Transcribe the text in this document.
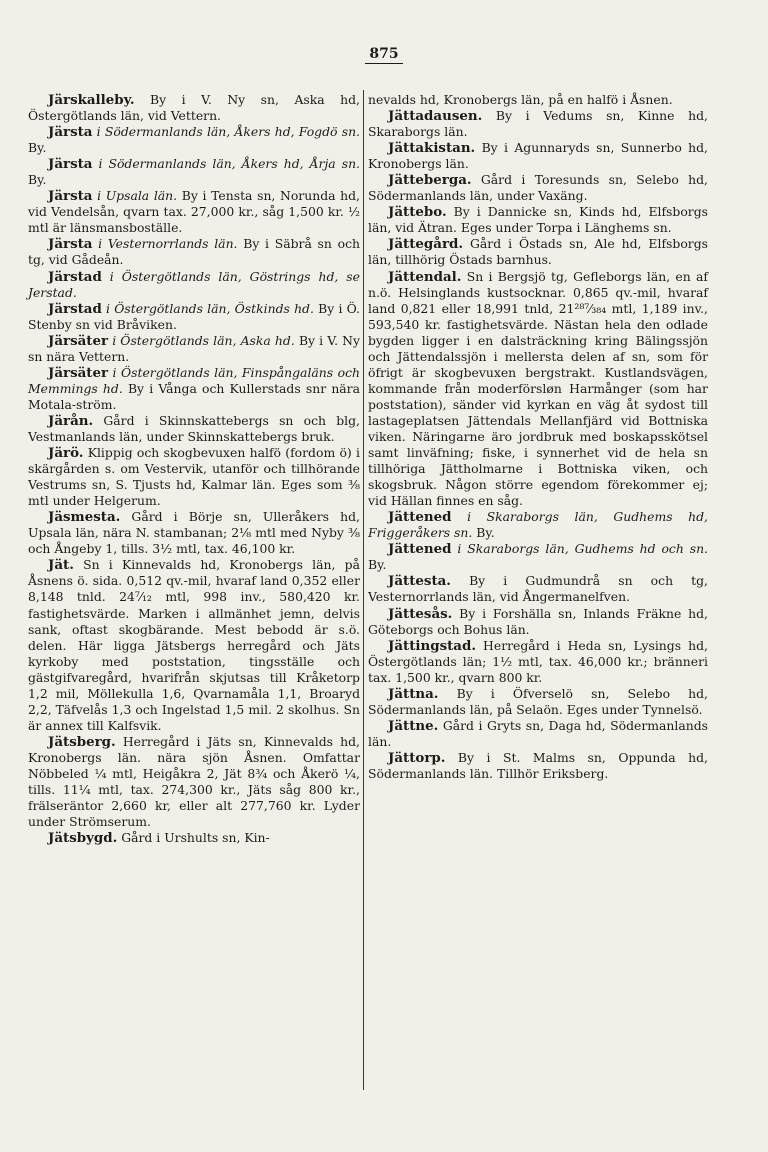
875

Järskalleby. By i V. Ny sn, Aska hd, Östergötlands län, vid Vettern.

Järsta i Södermanlands län, Åkers hd, Fogdö sn. By.

Järsta i Södermanlands län, Åkers hd, Årja sn. By.

Järsta i Upsala län. By i Tensta sn, Norunda hd, vid Vendelsån, qvarn tax. 27,000 kr., såg 1,500 kr. ½ mtl är länsmansboställe.

Järsta i Vesternorrlands län. By i Säbrå sn och tg, vid Gådeån.

Järstad i Östergötlands län, Göstrings hd, se Jerstad.

Järstad i Östergötlands län, Östkinds hd. By i Ö. Stenby sn vid Bråviken.

Järsäter i Östergötlands län, Aska hd. By i V. Ny sn nära Vettern.

Järsäter i Östergötlands län, Finspångaläns och Memmings hd. By i Vånga och Kullerstads snr nära Motala-ström.

Järån. Gård i Skinnskattebergs sn och blg, Vestmanlands län, under Skinnskattebergs bruk.

Järö. Klippig och skogbevuxen halfö (fordom ö) i skärgården s. om Vestervik, utanför och tillhörande Vestrums sn, S. Tjusts hd, Kalmar län. Eges som ⅜ mtl under Helgerum.

Jäsmesta. Gård i Börje sn, Ulleråkers hd, Upsala län, nära N. stambanan; 2⅛ mtl med Nyby ⅜ och Ångeby 1, tills. 3½ mtl, tax. 46,100 kr.

Jät. Sn i Kinnevalds hd, Kronobergs län, på Åsnens ö. sida. 0,512 qv.-mil, hvaraf land 0,352 eller 8,148 tnld. 24⁷⁄₁₂ mtl, 998 inv., 580,420 kr. fastighetsvärde. Marken i allmänhet jemn, delvis sank, oftast skogbärande. Mest bebodd är s.ö. delen. Här ligga Jätsbergs herregård och Jäts kyrkoby med poststation, tingsställe och gästgifvaregård, hvarifrån skjutsas till Kråketorp 1,2 mil, Möllekulla 1,6, Qvarnamåla 1,1, Broaryd 2,2, Täfvelås 1,3 och Ingelstad 1,5 mil. 2 skolhus. Sn är annex till Kalfsvik.

Jätsberg. Herregård i Jäts sn, Kinnevalds hd, Kronobergs län. nära sjön Åsnen. Omfattar Nöbbeled ¼ mtl, Heigåkra 2, Jät 8¾ och Åkerö ¼, tills. 11¼ mtl, tax. 274,300 kr., Jäts såg 800 kr., frälseräntor 2,660 kr, eller alt 277,760 kr. Lyder under Strömserum.

Jätsbygd. Gård i Urshults sn, Kin-

nevalds hd, Kronobergs län, på en halfö i Åsnen.

Jättadausen. By i Vedums sn, Kinne hd, Skaraborgs län.

Jättakistan. By i Agunnaryds sn, Sunnerbo hd, Kronobergs län.

Jätteberga. Gård i Toresunds sn, Selebo hd, Södermanlands län, under Vaxäng.

Jättebo. By i Dannicke sn, Kinds hd, Elfsborgs län, vid Ätran. Eges under Torpa i Länghems sn.

Jättegård. Gård i Östads sn, Ale hd, Elfsborgs län, tillhörig Östads barnhus.

Jättendal. Sn i Bergsjö tg, Gefleborgs län, en af n.ö. Helsinglands kustsocknar. 0,865 qv.-mil, hvaraf land 0,821 eller 18,991 tnld, 21²⁸⁷⁄₃₈₄ mtl, 1,189 inv., 593,540 kr. fastighetsvärde. Nästan hela den odlade bygden ligger i en dalsträckning kring Bälingssjön och Jättendalssjön i mellersta delen af sn, som för öfrigt är skogbevuxen bergstrakt. Kustlandsvägen, kommande från moderförsløn Harmånger (som har poststation), sänder vid kyrkan en väg åt sydost till lastageplatsen Jättendals Mellanfjärd vid Bottniska viken. Näringarne äro jordbruk med boskapsskötsel samt linväfning; fiske, i synnerhet vid de hela sn tillhöriga Jättholmarne i Bottniska viken, och skogsbruk. Någon större egendom förekommer ej; vid Hällan finnes en såg.

Jättened i Skaraborgs län, Gudhems hd, Friggeråkers sn. By.

Jättened i Skaraborgs län, Gudhems hd och sn. By.

Jättesta. By i Gudmundrå sn och tg, Vesternorrlands län, vid Ångermanelfven.

Jättesås. By i Forshälla sn, Inlands Fräkne hd, Göteborgs och Bohus län.

Jättingstad. Herregård i Heda sn, Lysings hd, Östergötlands län; 1½ mtl, tax. 46,000 kr.; bränneri tax. 1,500 kr., qvarn 800 kr.

Jättna. By i Öfverselö sn, Selebo hd, Södermanlands län, på Selaön. Eges under Tynnelsö.

Jättne. Gård i Gryts sn, Daga hd, Södermanlands län.

Jättorp. By i St. Malms sn, Oppunda hd, Södermanlands län. Tillhör Eriksberg.
